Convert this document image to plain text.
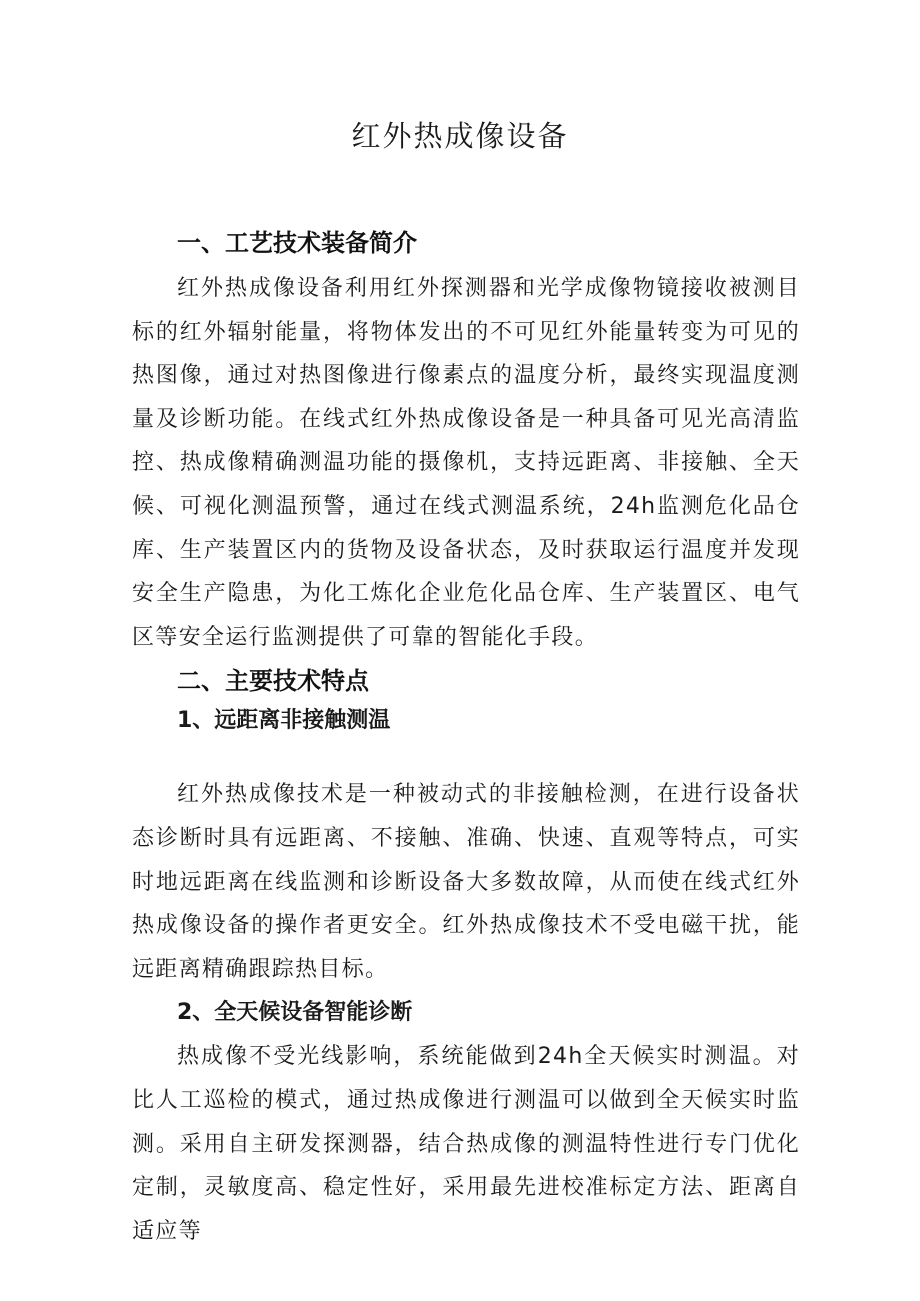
红外热成像设备
一、工艺技术装备简介

红外热成像设备利用红外探测器和光学成像物镜接收被测目标的红外辐射能量，将物体发出的不可见红外能量转变为可见的热图像，通过对热图像进行像素点的温度分析，最终实现温度测量及诊断功能。在线式红外热成像设备是一种具备可见光高清监控、热成像精确测温功能的摄像机，支持远距离、非接触、全天候、可视化测温预警，通过在线式测温系统，24h监测危化品仓库、生产装置区内的货物及设备状态，及时获取运行温度并发现安全生产隐患，为化工炼化企业危化品仓库、生产装置区、电气区等安全运行监测提供了可靠的智能化手段。

二、主要技术特点
1、远距离非接触测温

红外热成像技术是一种被动式的非接触检测，在进行设备状态诊断时具有远距离、不接触、准确、快速、直观等特点，可实时地远距离在线监测和诊断设备大多数故障，从而使在线式红外热成像设备的操作者更安全。红外热成像技术不受电磁干扰，能远距离精确跟踪热目标。

2、全天候设备智能诊断

热成像不受光线影响，系统能做到24h全天候实时测温。对比人工巡检的模式，通过热成像进行测温可以做到全天候实时监测。采用自主研发探测器，结合热成像的测温特性进行专门优化定制，灵敏度高、稳定性好，采用最先进校准标定方法、距离自适应等
